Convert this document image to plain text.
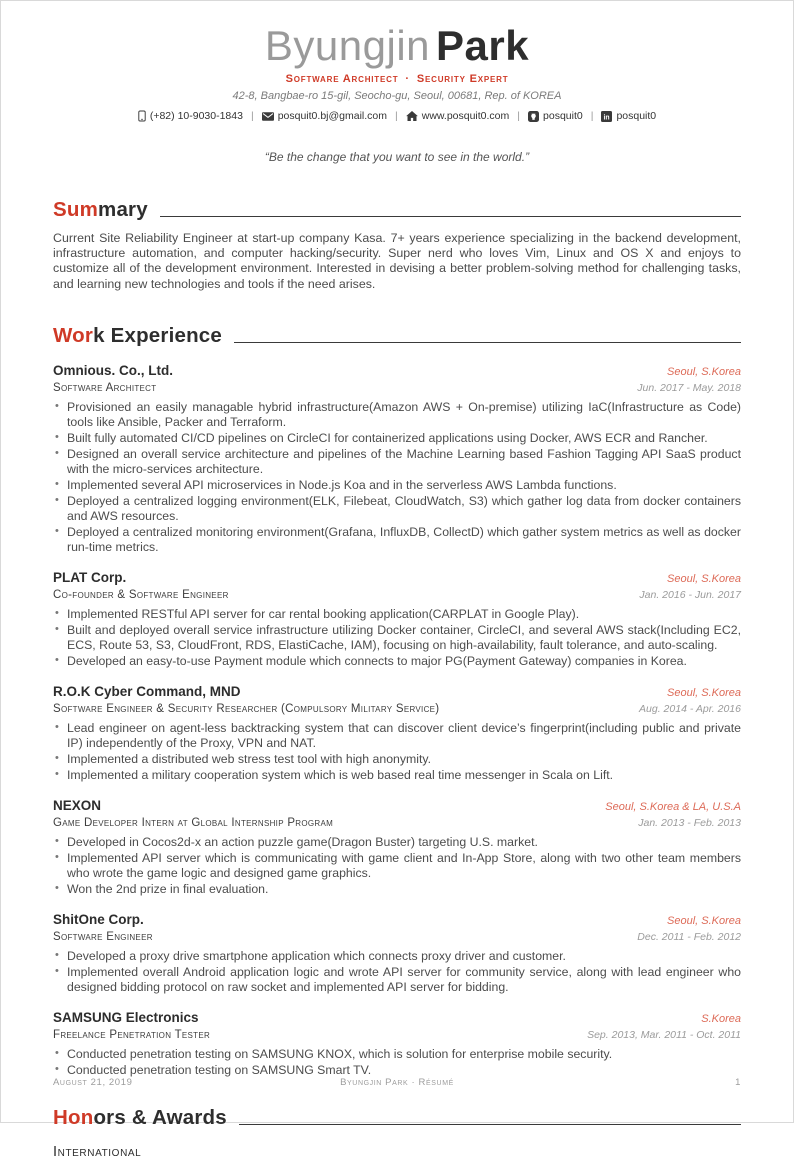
Byungjin Park
Software Architect · Security Expert
42-8, Bangbae-ro 15-gil, Seocho-gu, Seoul, 00681, Rep. of KOREA
(+82) 10-9030-1843 | posquit0.bj@gmail.com | www.posquit0.com | posquit0 | in posquit0
“Be the change that you want to see in the world.”
Sum mary

Current Site Reliability Engineer at start-up company Kasa. 7+ years experience specializing in the backend development, infrastructure automation, and computer hacking/security. Super nerd who loves Vim, Linux and OS X and enjoys to customize all of the development environment. Interested in devising a better problem-solving method for challenging tasks, and learning new technologies and tools if the need arises.

Wor k Experience
Omnious. Co., Ltd.	Seoul, S.Korea
Software Architect	Jun. 2017 - May. 2018
• Provisioned an easily managable hybrid infrastructure(Amazon AWS + On-premise) utilizing IaC(Infrastructure as Code) tools like Ansible, Packer and Terraform.
• Built fully automated CI/CD pipelines on CircleCI for containerized applications using Docker, AWS ECR and Rancher.
• Designed an overall service architecture and pipelines of the Machine Learning based Fashion Tagging API SaaS product with the micro-services architecture.
• Implemented several API microservices in Node.js Koa and in the serverless AWS Lambda functions.
• Deployed a centralized logging environment(ELK, Filebeat, CloudWatch, S3) which gather log data from docker containers and AWS resources.
• Deployed a centralized monitoring environment(Grafana, InfluxDB, CollectD) which gather system metrics as well as docker run-time metrics.
PLAT Corp.	Seoul, S.Korea
Co-founder & Software Engineer	Jan. 2016 - Jun. 2017
• Implemented RESTful API server for car rental booking application(CARPLAT in Google Play).
• Built and deployed overall service infrastructure utilizing Docker container, CircleCI, and several AWS stack(Including EC2, ECS, Route 53, S3, CloudFront, RDS, ElastiCache, IAM), focusing on high-availability, fault tolerance, and auto-scaling.
• Developed an easy-to-use Payment module which connects to major PG(Payment Gateway) companies in Korea.
R.O.K Cyber Command, MND	Seoul, S.Korea
Software Engineer & Security Researcher (Compulsory Military Service)	Aug. 2014 - Apr. 2016
• Lead engineer on agent-less backtracking system that can discover client device’s fingerprint(including public and private IP) independently of the Proxy, VPN and NAT.
• Implemented a distributed web stress test tool with high anonymity.
• Implemented a military cooperation system which is web based real time messenger in Scala on Lift.
NEXON	Seoul, S.Korea & LA, U.S.A
Game Developer Intern at Global Internship Program	Jan. 2013 - Feb. 2013
• Developed in Cocos2d-x an action puzzle game(Dragon Buster) targeting U.S. market.
• Implemented API server which is communicating with game client and In-App Store, along with two other team members who wrote the game logic and designed game graphics.
• Won the 2nd prize in final evaluation.
ShitOne Corp.	Seoul, S.Korea
Software Engineer	Dec. 2011 - Feb. 2012
• Developed a proxy drive smartphone application which connects proxy driver and customer.
• Implemented overall Android application logic and wrote API server for community service, along with lead engineer who designed bidding protocol on raw socket and implemented API server for bidding.
SAMSUNG Electronics	S.Korea
Freelance Penetration Tester	Sep. 2013, Mar. 2011 - Oct. 2011
• Conducted penetration testing on SAMSUNG KNOX, which is solution for enterprise mobile security.
• Conducted penetration testing on SAMSUNG Smart TV.
Hon ors & Awards
International
August 21, 2019	Byungjin Park · Résumé	1
